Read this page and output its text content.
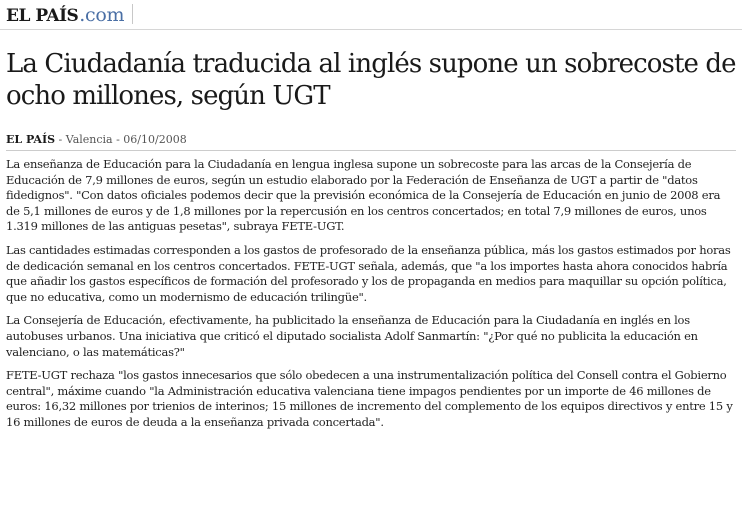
EL PAÍS .com
La Ciudadanía traducida al inglés supone un sobrecoste de ocho millones, según UGT
EL PAÍS - Valencia - 06/10/2008

La enseñanza de Educación para la Ciudadanía en lengua inglesa supone un sobrecoste para las arcas de la Consejería de Educación de 7,9 millones de euros, según un estudio elaborado por la Federación de Enseñanza de UGT a partir de "datos fidedignos". "Con datos oficiales podemos decir que la previsión económica de la Consejería de Educación en junio de 2008 era de 5,1 millones de euros y de 1,8 millones por la repercusión en los centros concertados; en total 7,9 millones de euros, unos 1.319 millones de las antiguas pesetas", subraya FETE-UGT.

Las cantidades estimadas corresponden a los gastos de profesorado de la enseñanza pública, más los gastos estimados por horas de dedicación semanal en los centros concertados. FETE-UGT señala, además, que "a los importes hasta ahora conocidos habría que añadir los gastos específicos de formación del profesorado y los de propaganda en medios para maquillar su opción política, que no educativa, como un modernismo de educación trilingüe".

La Consejería de Educación, efectivamente, ha publicitado la enseñanza de Educación para la Ciudadanía en inglés en los autobuses urbanos. Una iniciativa que criticó el diputado socialista Adolf Sanmartín: "¿Por qué no publicita la educación en valenciano, o las matemáticas?"

FETE-UGT rechaza "los gastos innecesarios que sólo obedecen a una instrumentalización política del Consell contra el Gobierno central", máxime cuando "la Administración educativa valenciana tiene impagos pendientes por un importe de 46 millones de euros: 16,32 millones por trienios de interinos; 15 millones de incremento del complemento de los equipos directivos y entre 15 y 16 millones de euros de deuda a la enseñanza privada concertada".
